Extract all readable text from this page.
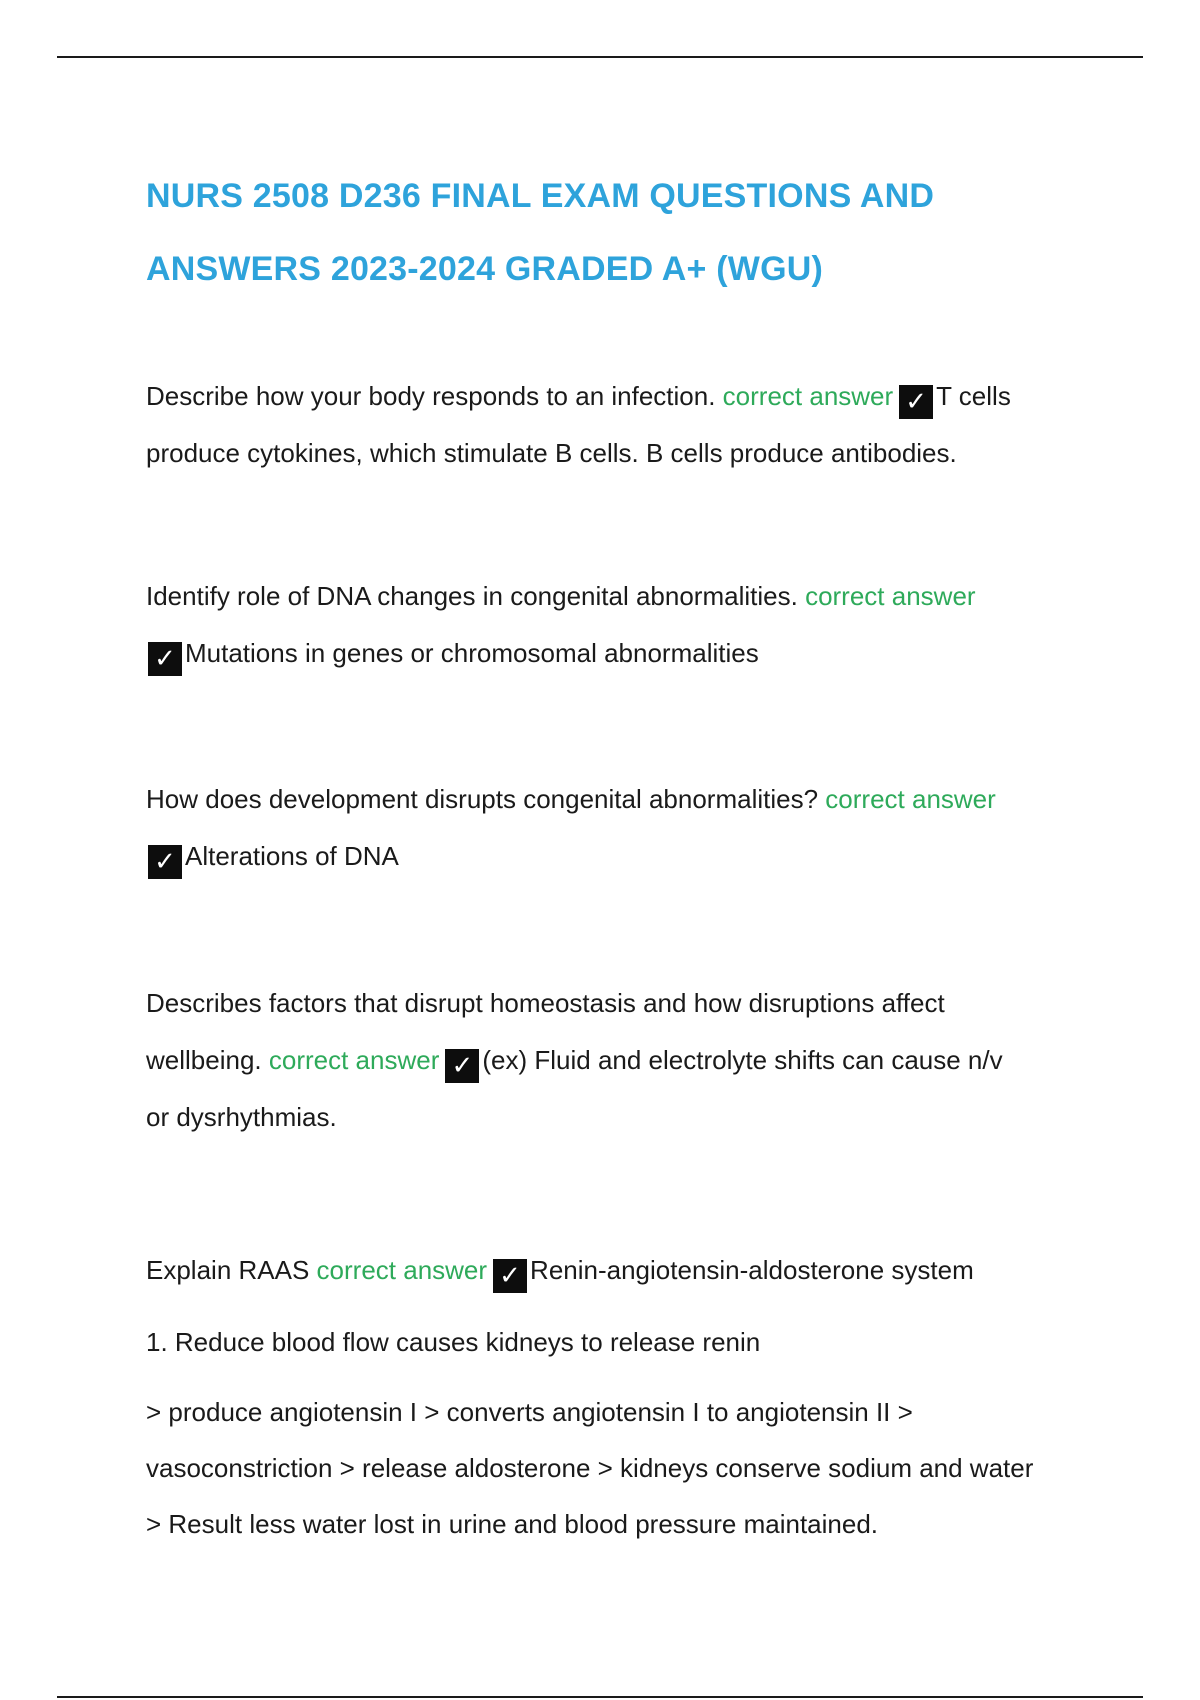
NURS 2508 D236 FINAL EXAM QUESTIONS AND
ANSWERS 2023-2024 GRADED A+ (WGU)

Describe how your body responds to an infection. correct answer ✓ T cells

produce cytokines, which stimulate B cells. B cells produce antibodies.

Identify role of DNA changes in congenital abnormalities. correct answer

✓ Mutations in genes or chromosomal abnormalities

How does development disrupts congenital abnormalities? correct answer

✓ Alterations of DNA

Describes factors that disrupt homeostasis and how disruptions affect

wellbeing. correct answer ✓ (ex) Fluid and electrolyte shifts can cause n/v

or dysrhythmias.

Explain RAAS correct answer ✓ Renin-angiotensin-aldosterone system

1. Reduce blood flow causes kidneys to release renin

> produce angiotensin I > converts angiotensin I to angiotensin II >

vasoconstriction > release aldosterone > kidneys conserve sodium and water

> Result less water lost in urine and blood pressure maintained.
